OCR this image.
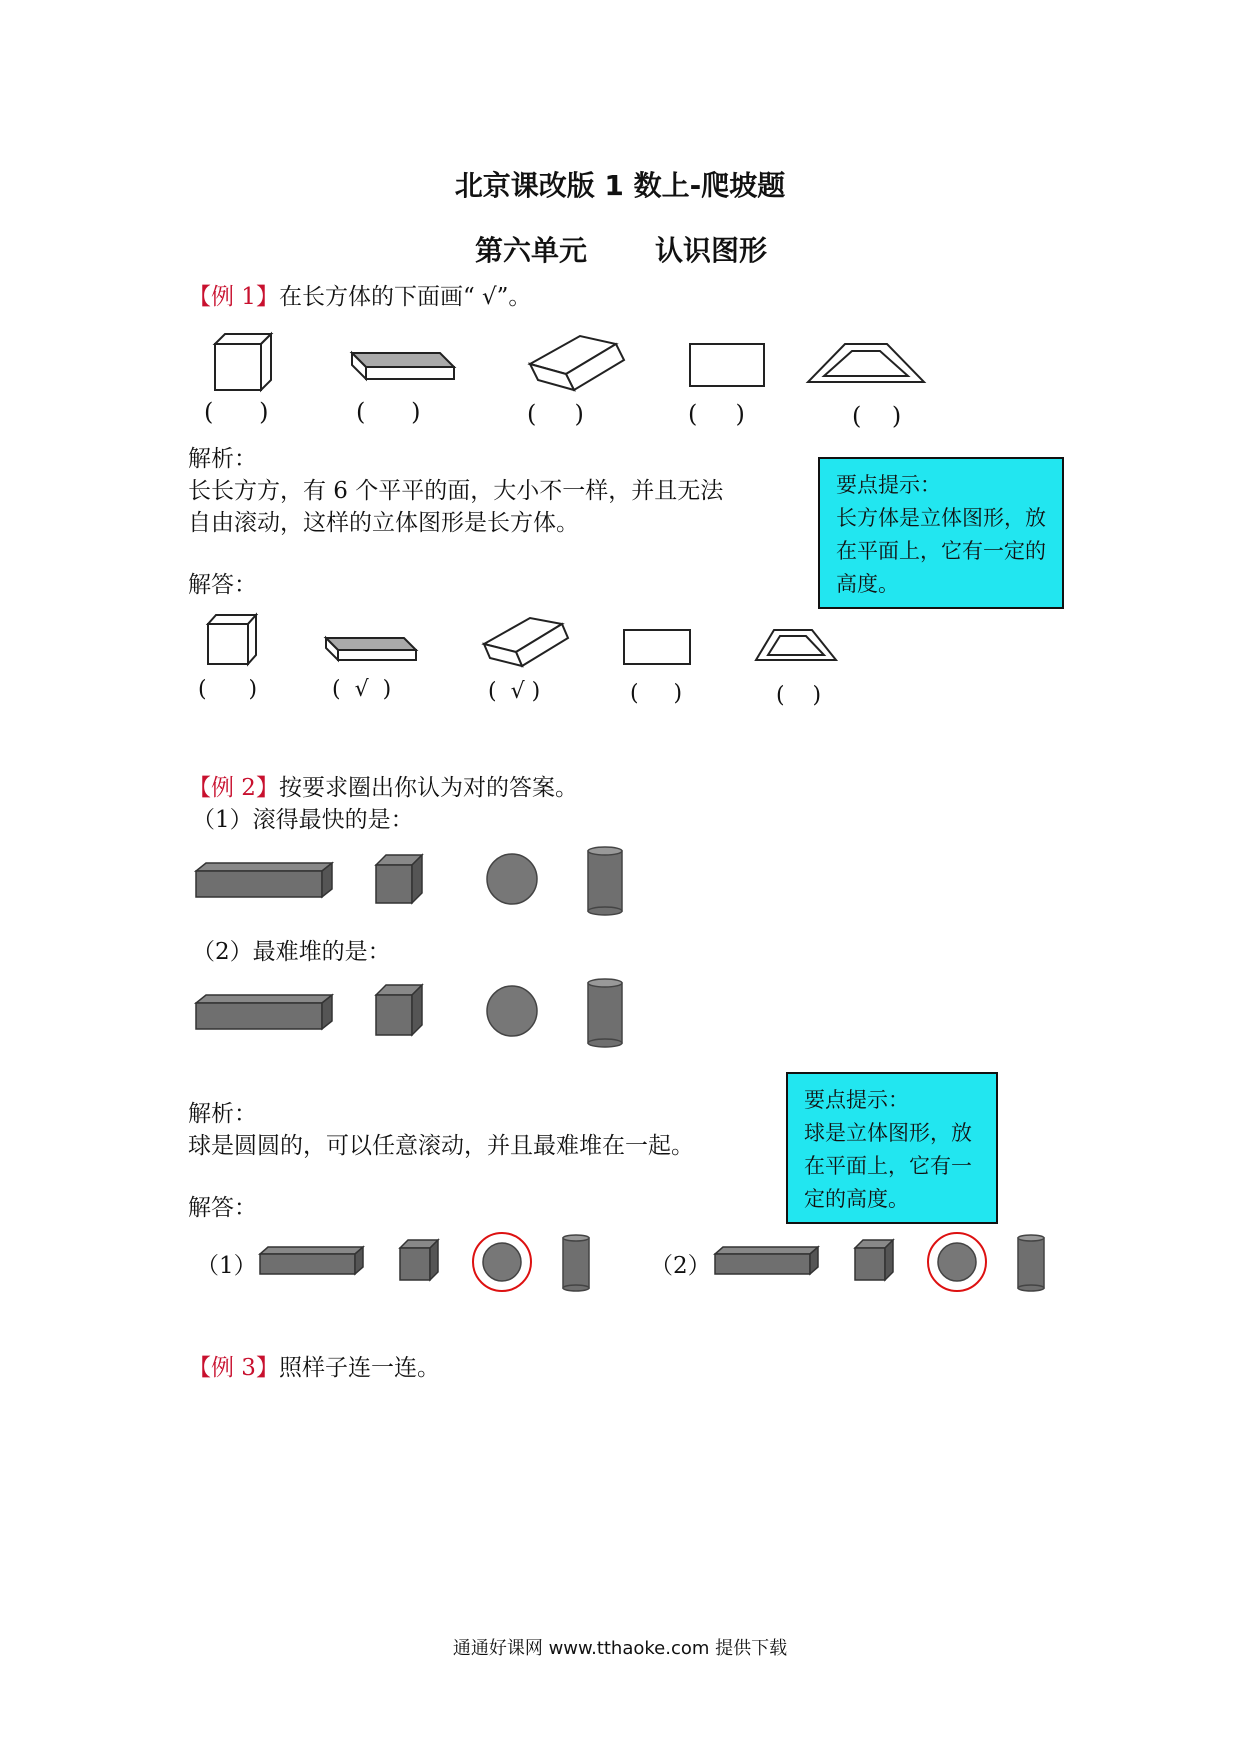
北京课改版 1 数上-爬坡题
第六单元 认识图形
【例 1】在长方体的下面画“ √”。
(      )	(      )	(     )	(     )	(    )
解析：
长长方方，有 6 个平平的面，大小不一样，并且无法
自由滚动，这样的立体图形是长方体。
解答：
要点提示：
长方体是立体图形，放
在平面上，它有一定的
高度。
(      )	(  √  )	(  √ )	(     )	(    )
【例 2】按要求圈出你认为对的答案。
（1）滚得最快的是：
（2）最难堆的是：
解析：
球是圆圆的，可以任意滚动，并且最难堆在一起。
解答：
要点提示：
球是立体图形，放
在平面上，它有一
定的高度。
（1）	（2）
【例 3】照样子连一连。
通通好课网 www.tthaoke.com 提供下载
